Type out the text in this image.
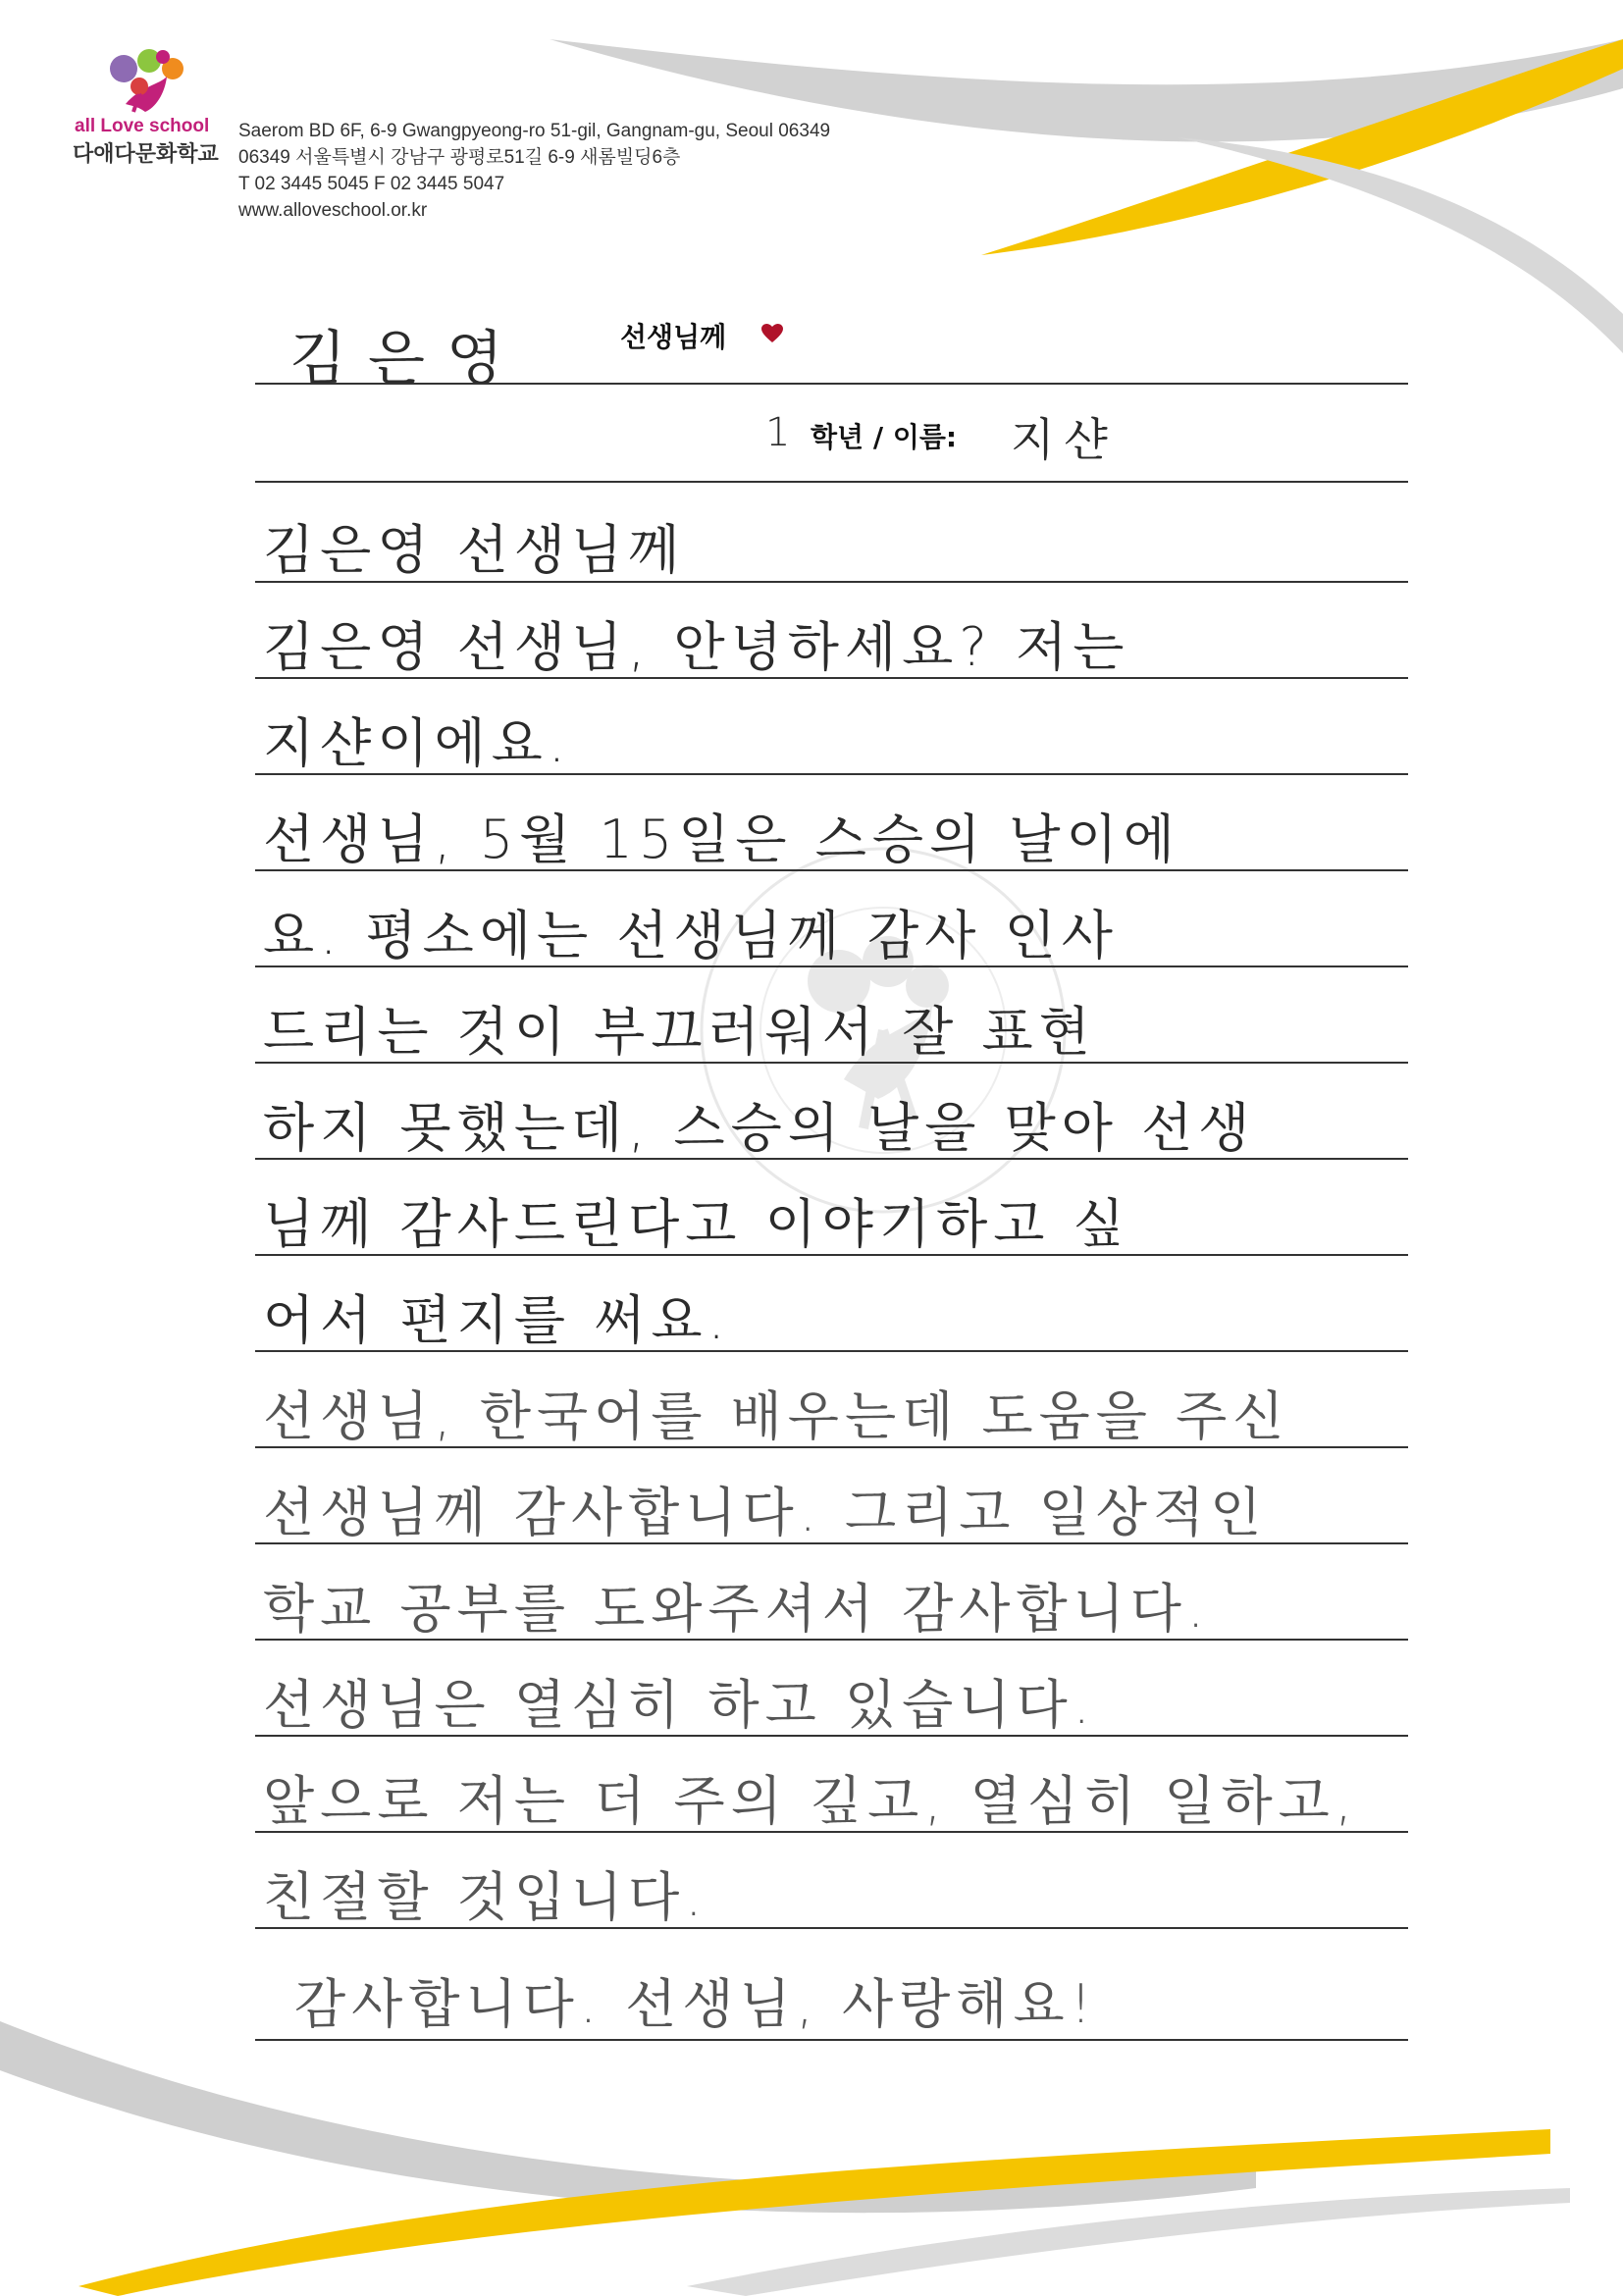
all Love school
다애다문화학교
Saerom BD 6F, 6-9 Gwangpyeong-ro 51-gil, Gangnam-gu, Seoul 06349
06349 서울특별시 강남구 광평로51길 6-9 새롬빌딩6층
T 02 3445 5045 F 02 3445 5047
www.alloveschool.or.kr
김은영	선생님께
1 학년 / 이름: 지샨
김은영 선생님께
김은영 선생님, 안녕하세요? 저는
지샨이에요.
선생님, 5월 15일은 스승의 날이에
요. 평소에는 선생님께 감사 인사
드리는 것이 부끄러워서 잘 표현
하지 못했는데, 스승의 날을 맞아 선생
님께 감사드린다고 이야기하고 싶
어서 편지를 써요.
선생님, 한국어를 배우는데 도움을 주신
선생님께 감사합니다. 그리고 일상적인
학교 공부를 도와주셔서 감사합니다.
선생님은 열심히 하고 있습니다.
앞으로 저는 더 주의 깊고, 열심히 일하고,
친절할 것입니다.
감사합니다. 선생님, 사랑해요!
